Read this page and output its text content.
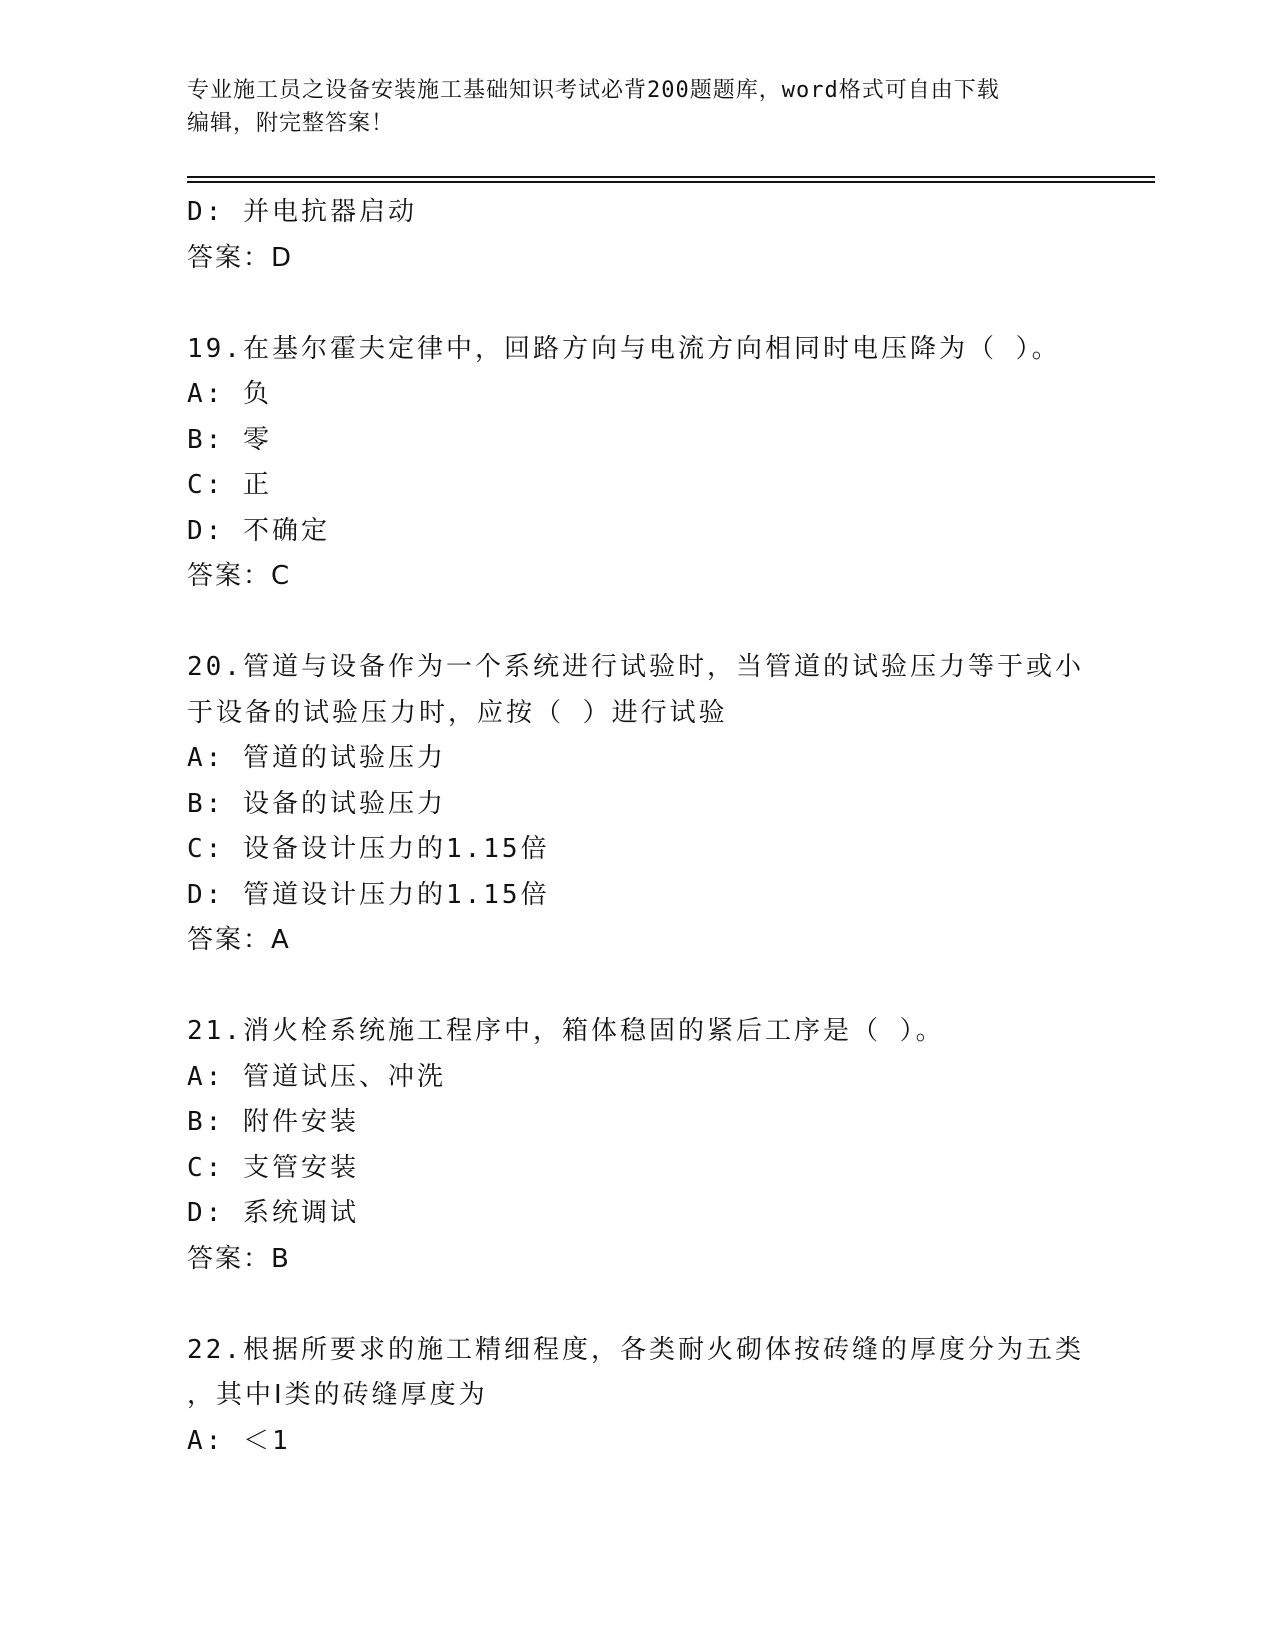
专业施工员之设备安装施工基础知识考试必背200题题库，word格式可自由下载
编辑，附完整答案！
D: 并电抗器启动
答案：D
19.在基尔霍夫定律中，回路方向与电流方向相同时电压降为（ ）。
A: 负
B: 零
C: 正
D: 不确定
答案：C
20.管道与设备作为一个系统进行试验时，当管道的试验压力等于或小
于设备的试验压力时，应按（ ）进行试验
A: 管道的试验压力
B: 设备的试验压力
C: 设备设计压力的1.15倍
D: 管道设计压力的1.15倍
答案：A
21.消火栓系统施工程序中，箱体稳固的紧后工序是（ ）。
A: 管道试压、冲洗
B: 附件安装
C: 支管安装
D: 系统调试
答案：B
22.根据所要求的施工精细程度，各类耐火砌体按砖缝的厚度分为五类
，其中Ⅰ类的砖缝厚度为
A: ＜1
